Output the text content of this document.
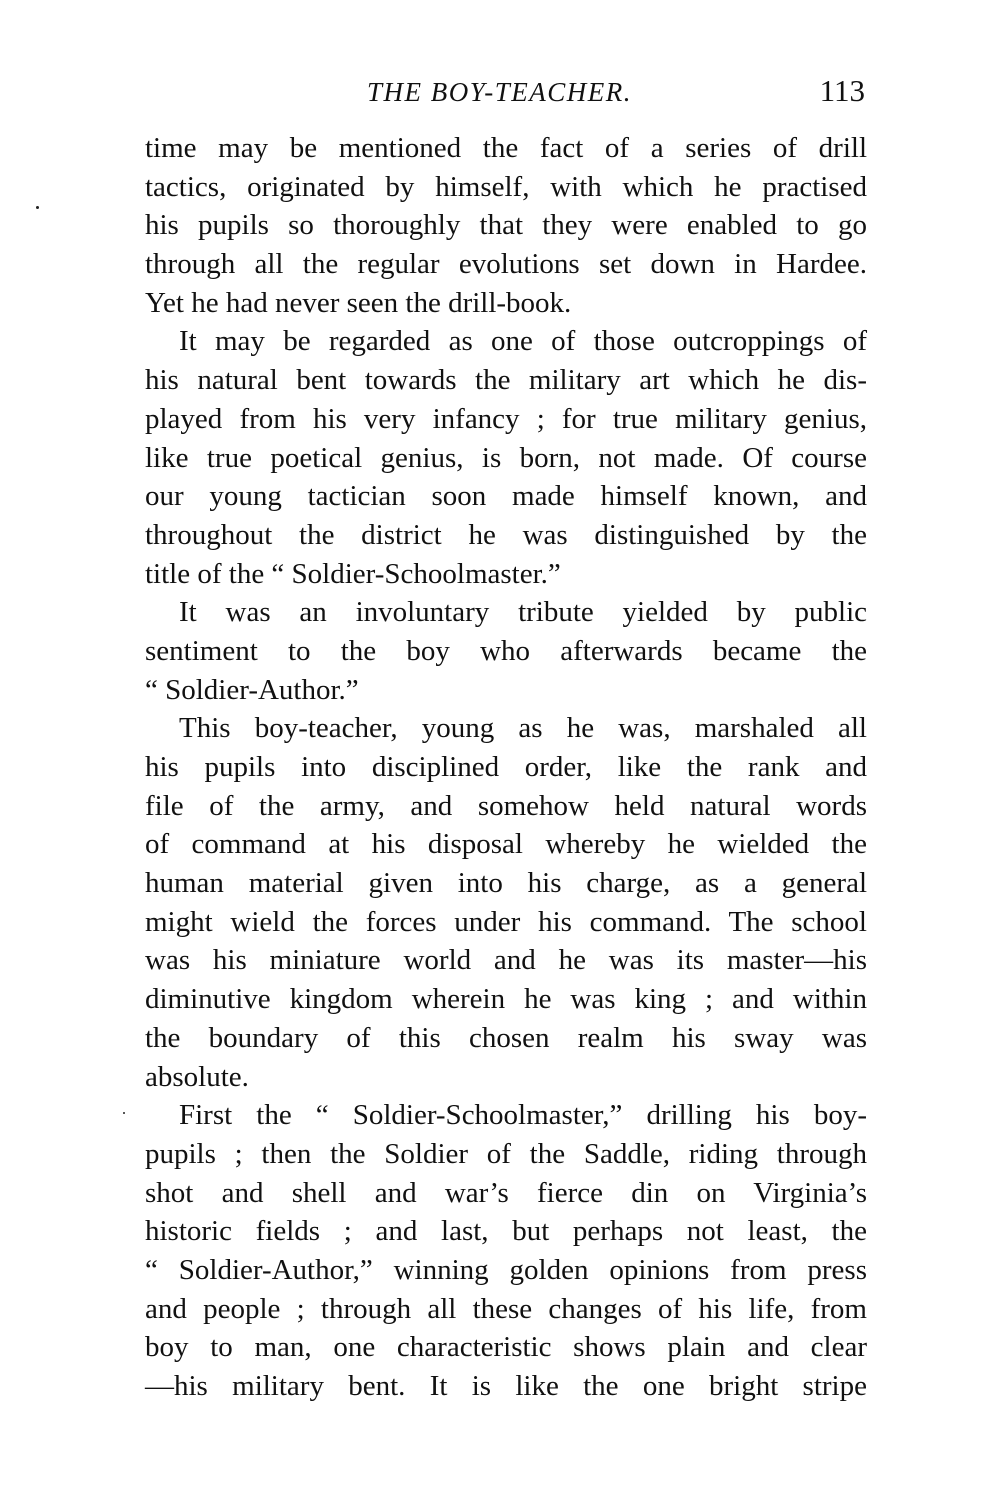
THE BOY-TEACHER.	113
time may be mentioned the fact of a series of drill
tactics, originated by himself, with which he practised
his pupils so thoroughly that they were enabled to go
through all the regular evolutions set down in Hardee.
Yet he had never seen the drill-book.
It may be regarded as one of those outcroppings of
his natural bent towards the military art which he dis-
played from his very infancy ; for true military genius,
like true poetical genius, is born, not made. Of course
our young tactician soon made himself known, and
throughout the district he was distinguished by the
title of the “ Soldier-Schoolmaster.”
It was an involuntary tribute yielded by public
sentiment to the boy who afterwards became the
“ Soldier-Author.”
This boy-teacher, young as he was, marshaled all
his pupils into disciplined order, like the rank and
file of the army, and somehow held natural words
of command at his disposal whereby he wielded the
human material given into his charge, as a general
might wield the forces under his command. The school
was his miniature world and he was its master—his
diminutive kingdom wherein he was king ; and within
the boundary of this chosen realm his sway was
absolute.
First the “ Soldier-Schoolmaster,” drilling his boy-
pupils ; then the Soldier of the Saddle, riding through
shot and shell and war’s fierce din on Virginia’s
historic fields ; and last, but perhaps not least, the
“ Soldier-Author,” winning golden opinions from press
and people ; through all these changes of his life, from
boy to man, one characteristic shows plain and clear
—his military bent. It is like the one bright stripe
